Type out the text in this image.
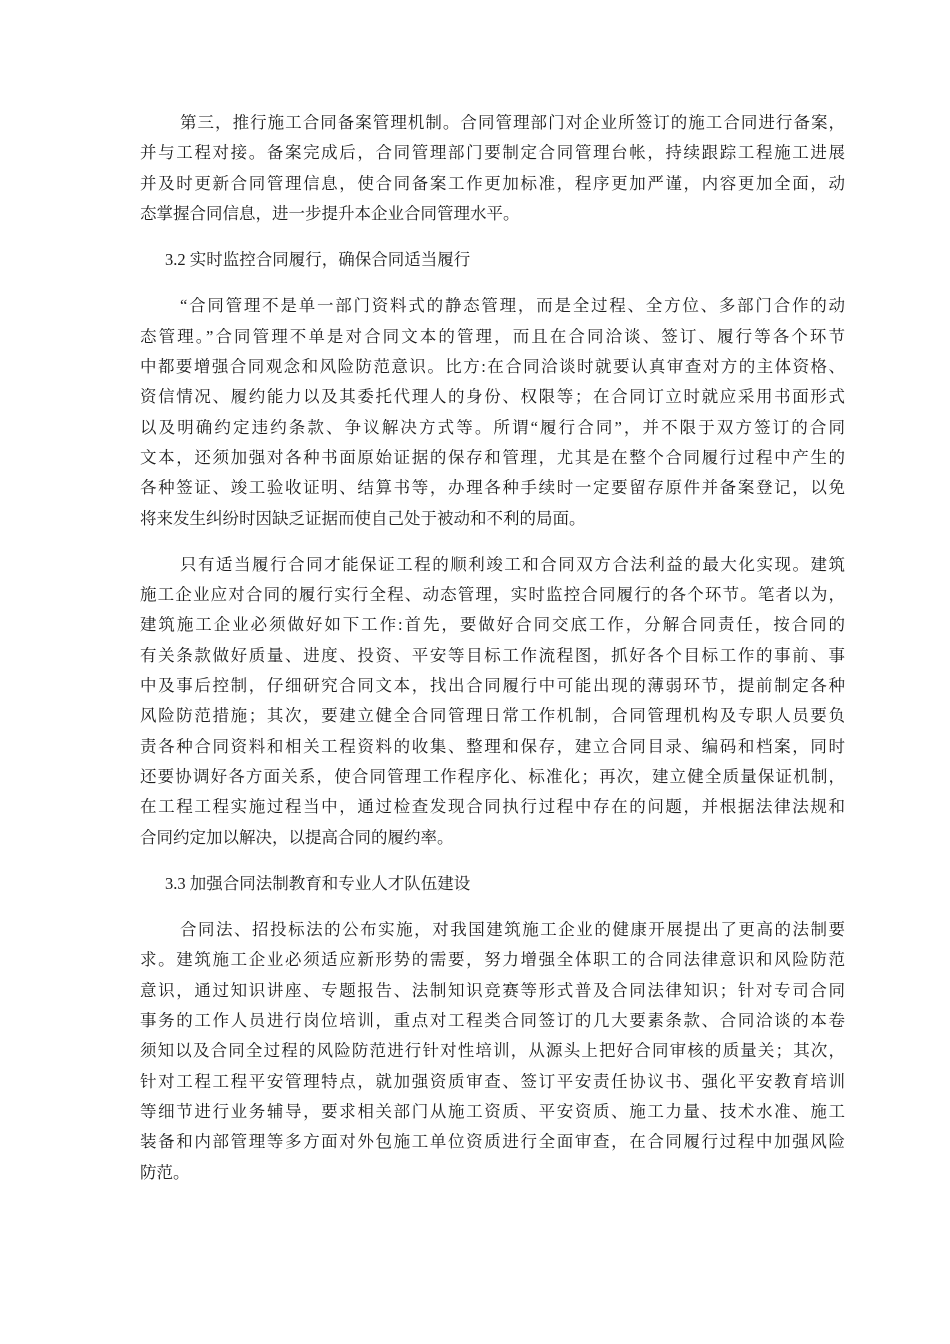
第三，推行施工合同备案管理机制。合同管理部门对企业所签订的施工合同进行备案，
并与工程对接。备案完成后，合同管理部门要制定合同管理台帐，持续跟踪工程施工进展
并及时更新合同管理信息，使合同备案工作更加标准，程序更加严谨，内容更加全面，动
态掌握合同信息，进一步提升本企业合同管理水平。
3.2 实时监控合同履行，确保合同适当履行
“合同管理不是单一部门资料式的静态管理，而是全过程、全方位、多部门合作的动
态管理。”合同管理不单是对合同文本的管理，而且在合同洽谈、签订、履行等各个环节
中都要增强合同观念和风险防范意识。比方:在合同洽谈时就要认真审查对方的主体资格、
资信情况、履约能力以及其委托代理人的身份、权限等；在合同订立时就应采用书面形式
以及明确约定违约条款、争议解决方式等。所谓“履行合同”，并不限于双方签订的合同
文本，还须加强对各种书面原始证据的保存和管理，尤其是在整个合同履行过程中产生的
各种签证、竣工验收证明、结算书等，办理各种手续时一定要留存原件并备案登记，以免
将来发生纠纷时因缺乏证据而使自己处于被动和不利的局面。
只有适当履行合同才能保证工程的顺利竣工和合同双方合法利益的最大化实现。建筑
施工企业应对合同的履行实行全程、动态管理，实时监控合同履行的各个环节。笔者以为，
建筑施工企业必须做好如下工作:首先，要做好合同交底工作，分解合同责任，按合同的
有关条款做好质量、进度、投资、平安等目标工作流程图，抓好各个目标工作的事前、事
中及事后控制，仔细研究合同文本，找出合同履行中可能出现的薄弱环节，提前制定各种
风险防范措施；其次，要建立健全合同管理日常工作机制，合同管理机构及专职人员要负
责各种合同资料和相关工程资料的收集、整理和保存，建立合同目录、编码和档案，同时
还要协调好各方面关系，使合同管理工作程序化、标准化；再次，建立健全质量保证机制，
在工程工程实施过程当中，通过检查发现合同执行过程中存在的问题，并根据法律法规和
合同约定加以解决，以提高合同的履约率。
3.3 加强合同法制教育和专业人才队伍建设
合同法、招投标法的公布实施，对我国建筑施工企业的健康开展提出了更高的法制要
求。建筑施工企业必须适应新形势的需要，努力增强全体职工的合同法律意识和风险防范
意识，通过知识讲座、专题报告、法制知识竞赛等形式普及合同法律知识；针对专司合同
事务的工作人员进行岗位培训，重点对工程类合同签订的几大要素条款、合同洽谈的本卷
须知以及合同全过程的风险防范进行针对性培训，从源头上把好合同审核的质量关；其次，
针对工程工程平安管理特点，就加强资质审查、签订平安责任协议书、强化平安教育培训
等细节进行业务辅导，要求相关部门从施工资质、平安资质、施工力量、技术水准、施工
装备和内部管理等多方面对外包施工单位资质进行全面审查，在合同履行过程中加强风险
防范。
